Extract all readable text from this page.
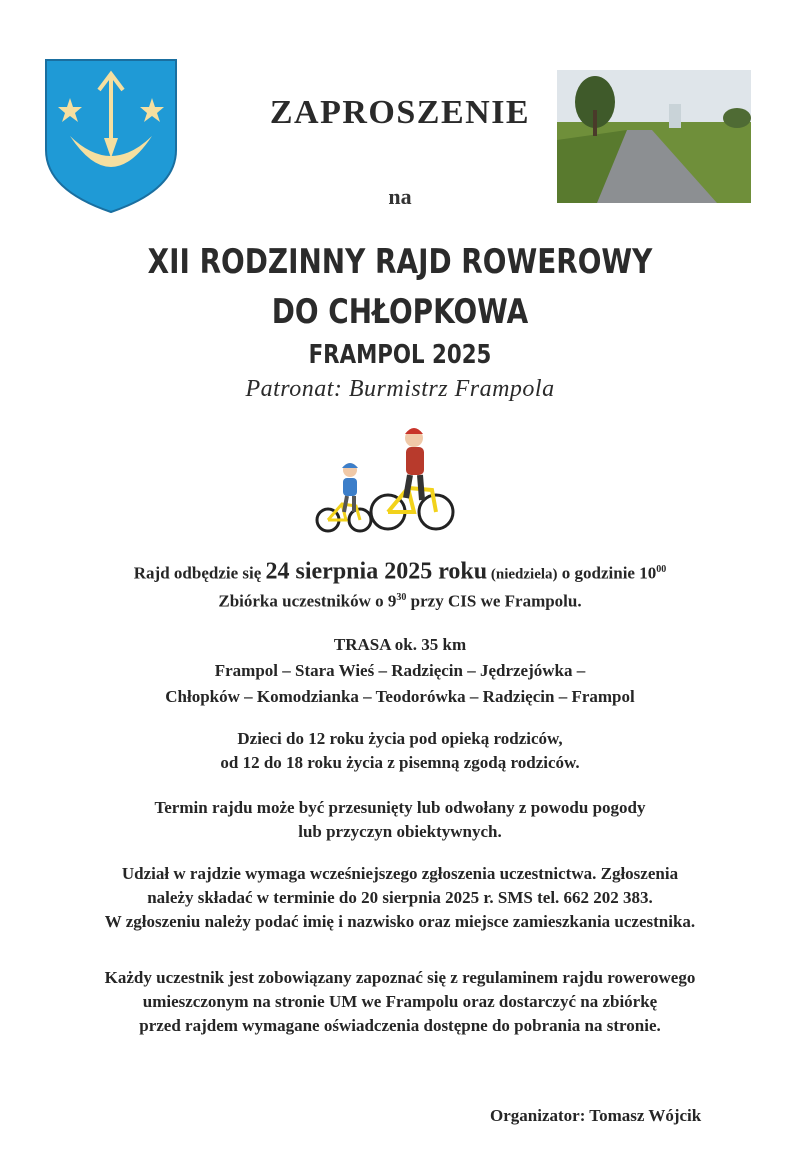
ZAPROSZENIE
na
XII RODZINNY RAJD ROWEROWY
DO CHŁOPKOWA
FRAMPOL 2025
Patronat: Burmistrz Frampola
Rajd odbędzie się 24 sierpnia 2025 roku (niedziela) o godzinie $10^{00}$
Zbiórka uczestników o $9^{30}$ przy CIS we Frampolu.
TRASA ok. 35 km
Frampol – Stara Wieś – Radzięcin – Jędrzejówka –
Chłopków – Komodzianka – Teodorówka – Radzięcin – Frampol
Dzieci do 12 roku życia pod opieką rodziców,
od 12 do 18 roku życia z pisemną zgodą rodziców.
Termin rajdu może być przesunięty lub odwołany z powodu pogody
lub przyczyn obiektywnych.
Udział w rajdzie wymaga wcześniejszego zgłoszenia uczestnictwa. Zgłoszenia
należy składać w terminie do 20 sierpnia 2025 r. SMS tel. 662 202 383.
W zgłoszeniu należy podać imię i nazwisko oraz miejsce zamieszkania uczestnika.
Każdy uczestnik jest zobowiązany zapoznać się z regulaminem rajdu rowerowego
umieszczonym na stronie UM we Frampolu oraz dostarczyć na zbiórkę
przed rajdem wymagane oświadczenia dostępne do pobrania na stronie.
Organizator: Tomasz Wójcik
